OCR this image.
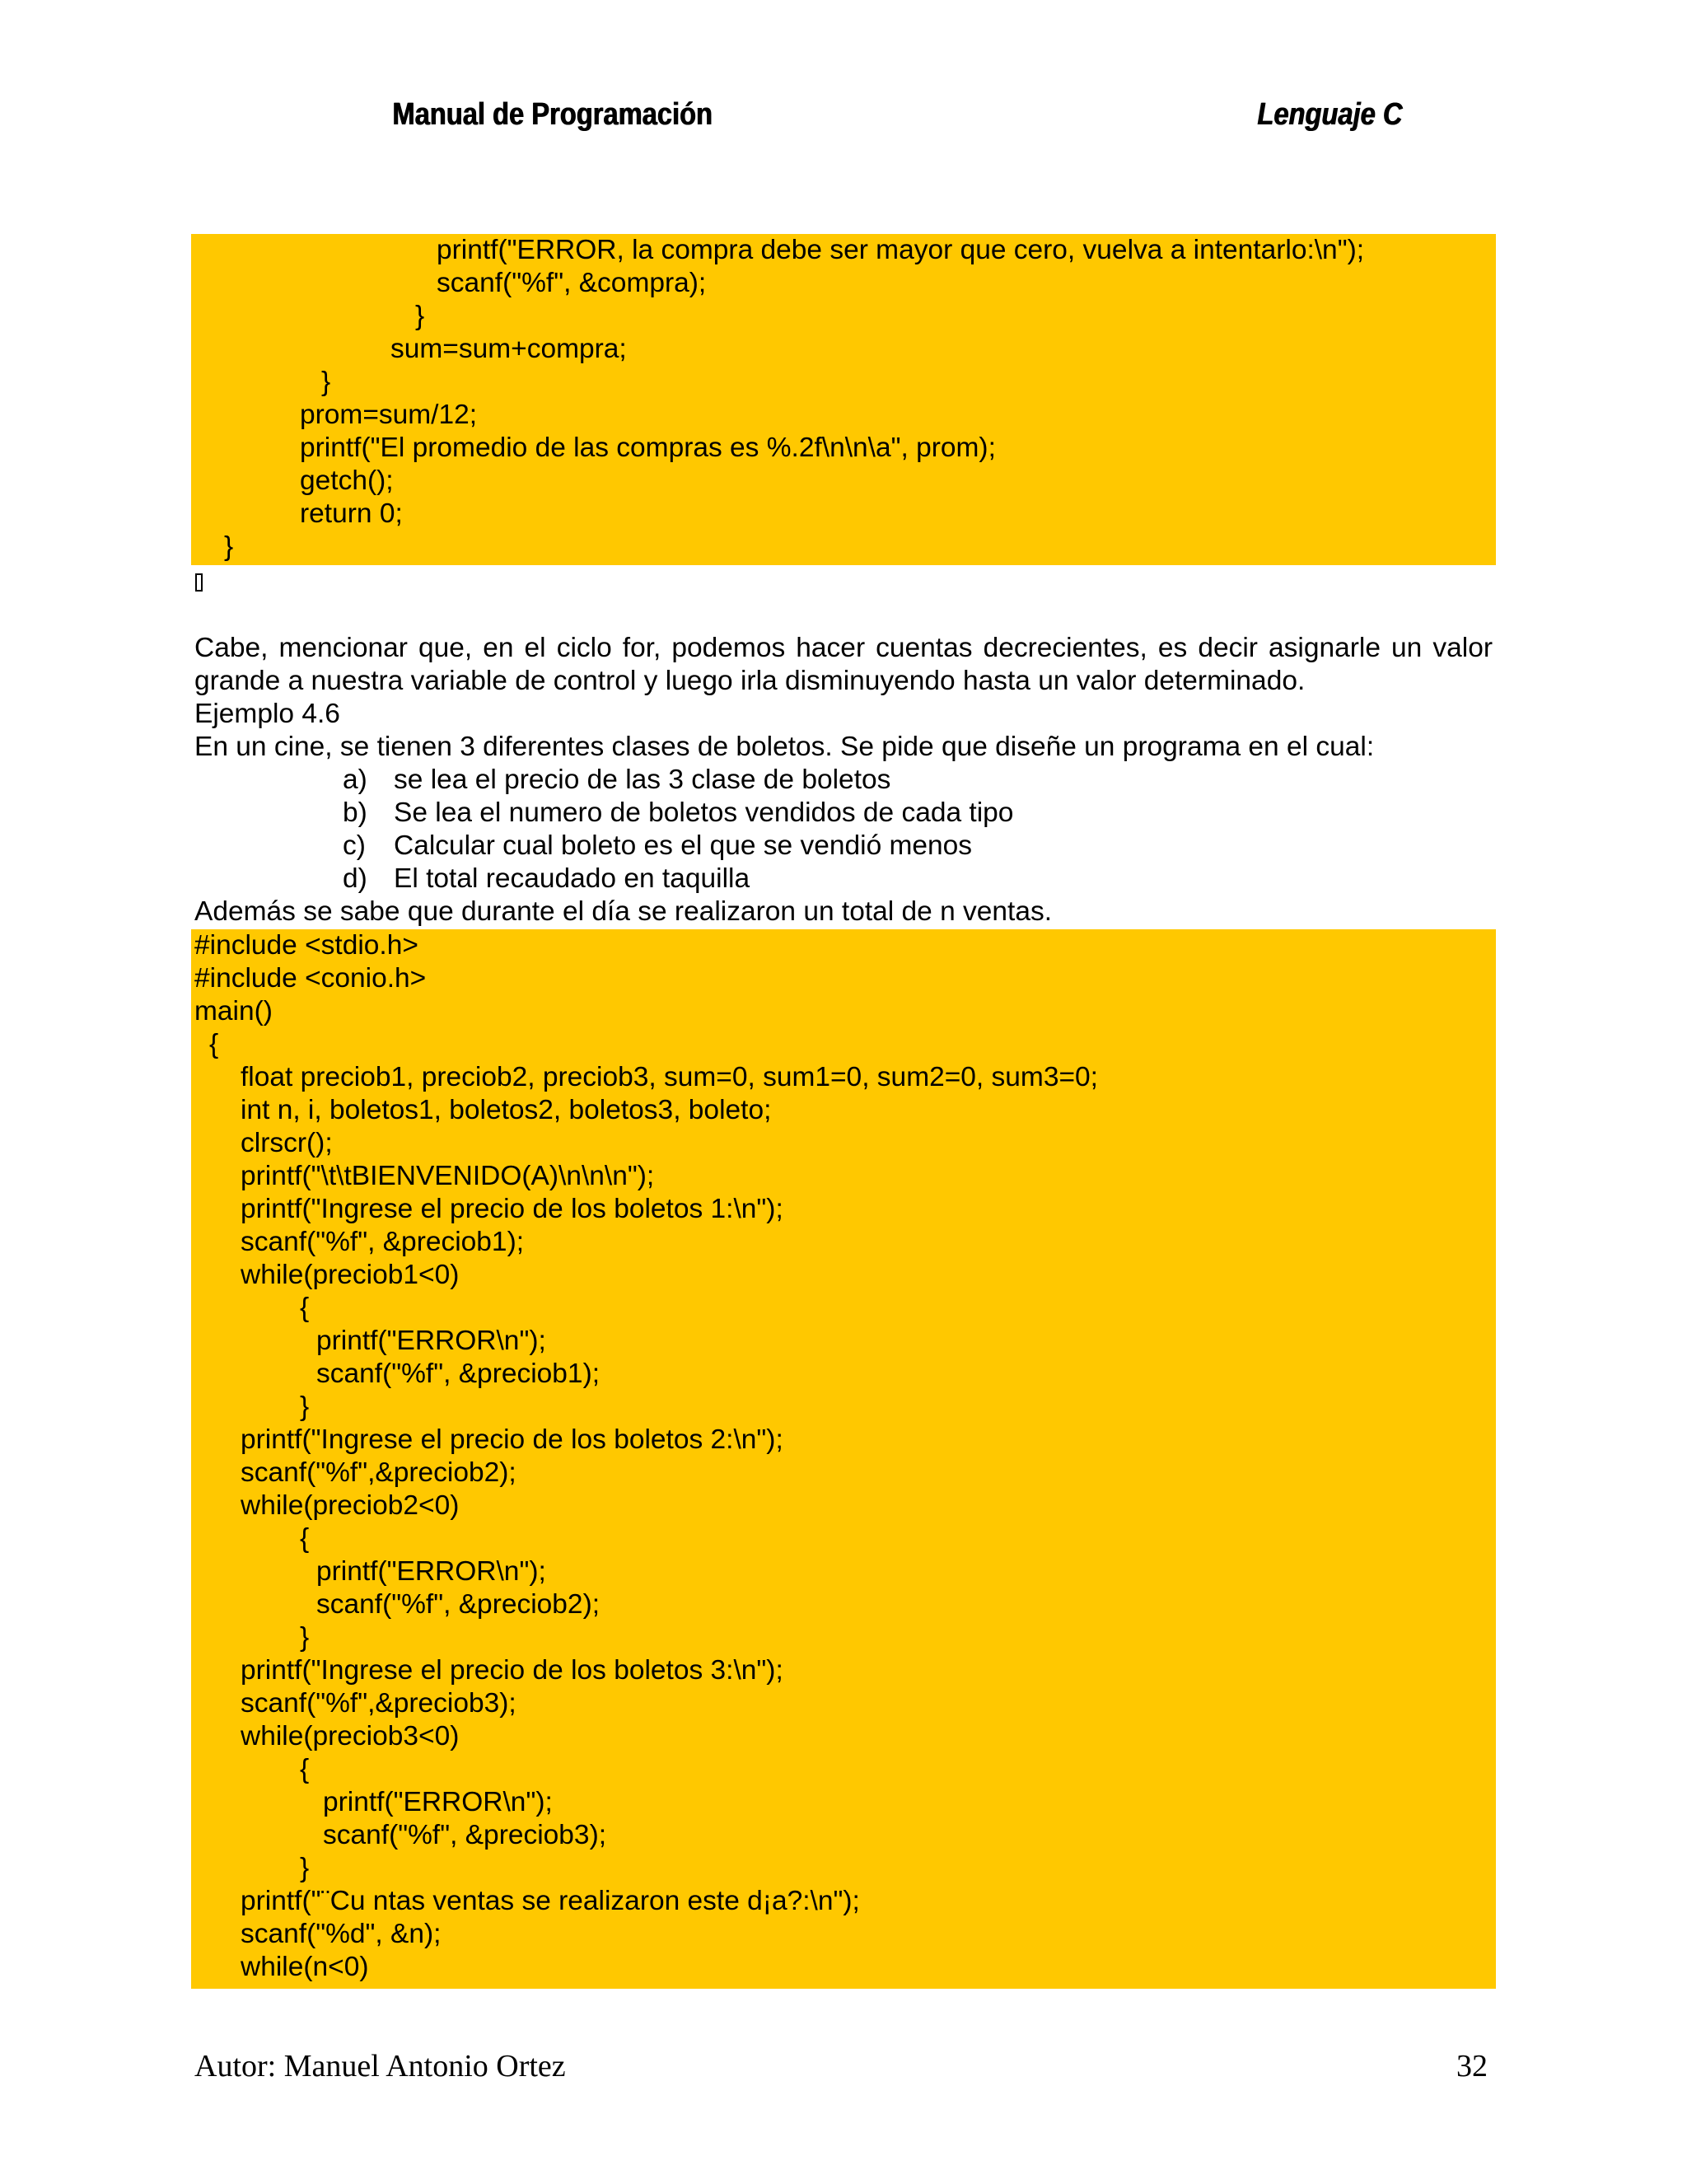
Manual de Programación	Lenguaje C
printf("ERROR, la compra debe ser mayor que cero, vuelva a intentarlo:\n");
scanf("%f", &compra);
}
sum=sum+compra;
}
prom=sum/12;
printf("El promedio de las compras es %.2f\n\n\a", prom);
getch();
return 0;
}
Cabe, mencionar que, en el ciclo for, podemos hacer cuentas decrecientes, es decir asignarle un valor
grande a nuestra variable de control y luego irla disminuyendo hasta un valor determinado.
Ejemplo 4.6
En un cine, se tienen 3 diferentes clases de boletos. Se pide que diseñe un programa en el cual:
a) se lea el precio de las 3 clase de boletos
b) Se lea el numero de boletos vendidos de cada tipo
c) Calcular cual boleto es el que se vendió menos
d) El total recaudado en taquilla
Además se sabe que durante el día se realizaron un total de n ventas.
#include <stdio.h>
#include <conio.h>
main()
{
float preciob1, preciob2, preciob3, sum=0, sum1=0, sum2=0, sum3=0;
int n, i, boletos1, boletos2, boletos3, boleto;
clrscr();
printf("\t\tBIENVENIDO(A)\n\n\n");
printf("Ingrese el precio de los boletos 1:\n");
scanf("%f", &preciob1);
while(preciob1<0)
{
printf("ERROR\n");
scanf("%f", &preciob1);
}
printf("Ingrese el precio de los boletos 2:\n");
scanf("%f",&preciob2);
while(preciob2<0)
{
printf("ERROR\n");
scanf("%f", &preciob2);
}
printf("Ingrese el precio de los boletos 3:\n");
scanf("%f",&preciob3);
while(preciob3<0)
{
printf("ERROR\n");
scanf("%f", &preciob3);
}
printf("¨Cu ntas ventas se realizaron este d¡a?:\n");
scanf("%d", &n);
while(n<0)
Autor: Manuel Antonio Ortez	32
